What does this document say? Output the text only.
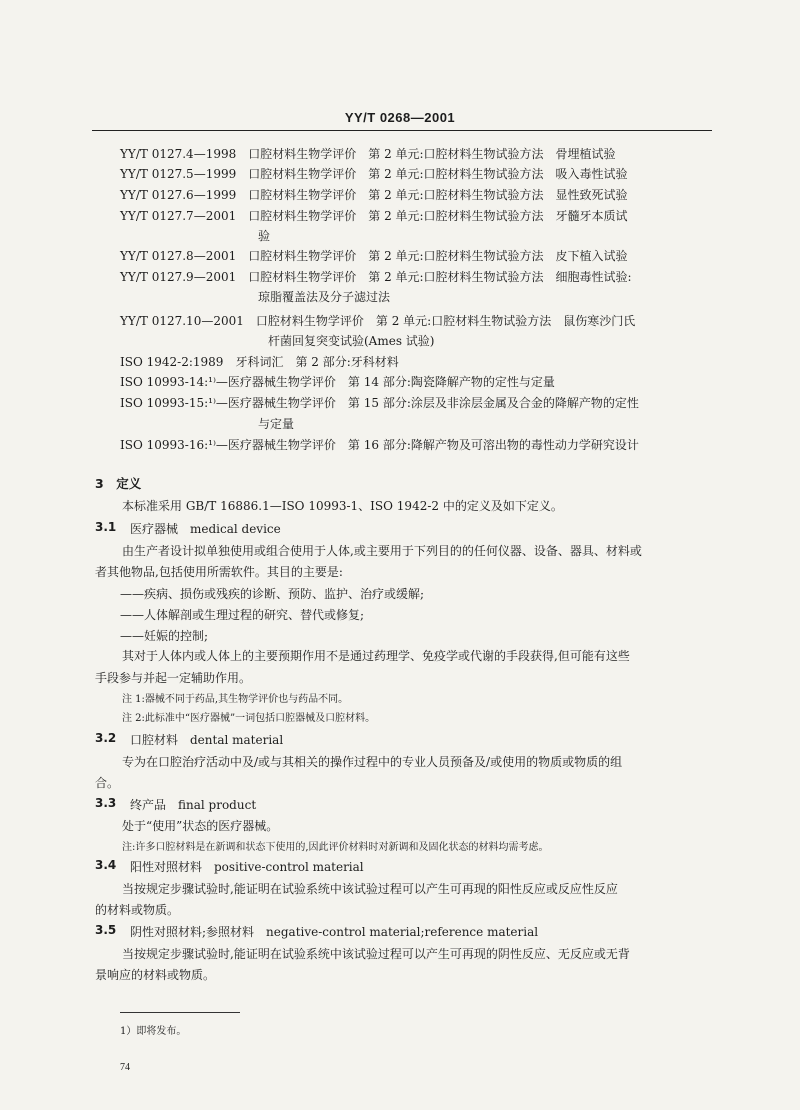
YY/T 0268—2001
YY/T 0127.4—1998　 口腔材料生物学评价　第 2 单元:口腔材料生物试验方法　骨埋植试验
YY/T 0127.5—1999　 口腔材料生物学评价　第 2 单元:口腔材料生物试验方法　吸入毒性试验
YY/T 0127.6—1999　 口腔材料生物学评价　第 2 单元:口腔材料生物试验方法　显性致死试验
YY/T 0127.7—2001　 口腔材料生物学评价　第 2 单元:口腔材料生物试验方法　牙髓牙本质试
验
YY/T 0127.8—2001　 口腔材料生物学评价　第 2 单元:口腔材料生物试验方法　皮下植入试验
YY/T 0127.9—2001　 口腔材料生物学评价　第 2 单元:口腔材料生物试验方法　细胞毒性试验:
琼脂覆盖法及分子滤过法
YY/T 0127.10—2001　 口腔材料生物学评价　第 2 单元:口腔材料生物试验方法　鼠伤寒沙门氏
杆菌回复突变试验(Ames 试验)
ISO 1942-2:1989　 牙科词汇　第 2 部分:牙科材料
ISO 10993-14:¹⁾—医疗器械生物学评价　第 14 部分:陶瓷降解产物的定性与定量
ISO 10993-15:¹⁾—医疗器械生物学评价　第 15 部分:涂层及非涂层金属及合金的降解产物的定性
与定量
ISO 10993-16:¹⁾—医疗器械生物学评价　第 16 部分:降解产物及可溶出物的毒性动力学研究设计
3　 定义
本标准采用 GB/T 16886.1—ISO 10993-1、ISO 1942-2 中的定义及如下定义。
3.1 医疗器械　medical device
由生产者设计拟单独使用或组合使用于人体,或主要用于下列目的的任何仪器、设备、器具、材料或
者其他物品,包括使用所需软件。其目的主要是:
——疾病、损伤或残疾的诊断、预防、监护、治疗或缓解;
——人体解剖或生理过程的研究、替代或修复;
——妊娠的控制;
其对于人体内或人体上的主要预期作用不是通过药理学、免疫学或代谢的手段获得,但可能有这些
手段参与并起一定辅助作用。
注 1:器械不同于药品,其生物学评价也与药品不同。
注 2:此标准中“医疗器械”一词包括口腔器械及口腔材料。
3.2 口腔材料　dental material
专为在口腔治疗活动中及/或与其相关的操作过程中的专业人员预备及/或使用的物质或物质的组
合。
3.3 终产品　final product
处于“使用”状态的医疗器械。
注:许多口腔材料是在新调和状态下使用的,因此评价材料时对新调和及固化状态的材料均需考虑。
3.4 阳性对照材料　positive-control material
当按规定步骤试验时,能证明在试验系统中该试验过程可以产生可再现的阳性反应或反应性反应
的材料或物质。
3.5 阴性对照材料;参照材料　negative-control material;reference material
当按规定步骤试验时,能证明在试验系统中该试验过程可以产生可再现的阴性反应、无反应或无背
景响应的材料或物质。
1）即将发布。
74
